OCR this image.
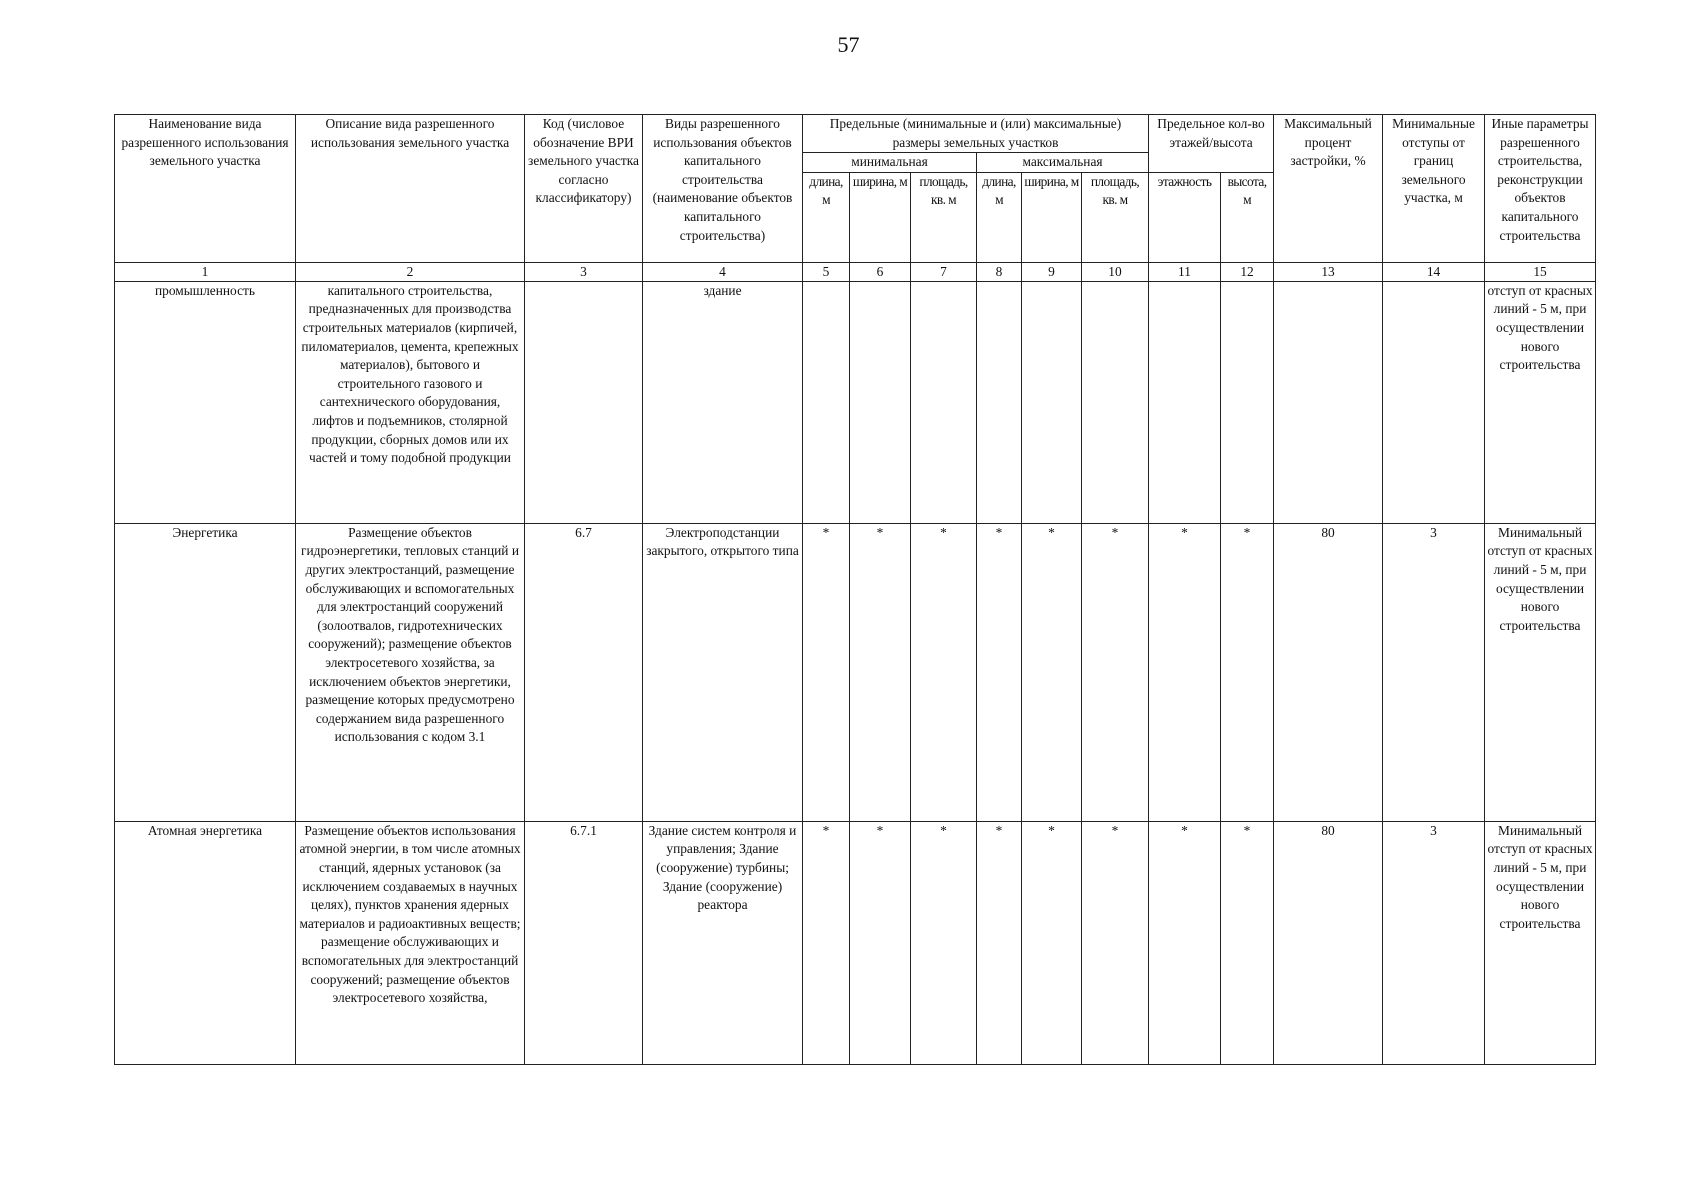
57
Наименование вида разрешенного использования земельного участка	Описание вида разрешенного использования земельного участка	Код (числовое обозначение ВРИ земельного участка согласно классификатору)	Виды разрешенного использования объектов капитального строительства (наименование объектов капитального строительства)	Предельные (минимальные и (или) максимальные) размеры земельных участков						Предельное кол-во этажей/высота		Максимальный процент застройки, %	Минимальные отступы от границ земельного участка, м	Иные параметры разрешенного строительства, реконструкции объектов капитального строительства
				минимальная			максимальная							
				длина, м	ширина, м	площадь, кв. м	длина, м	ширина, м	площадь, кв. м	этажность	высота, м			
1	2	3	4	5	6	7	8	9	10	11	12	13	14	15
промышленность	капитального строительства, предназначенных для производства строительных материалов (кирпичей, пиломатериалов, цемента, крепежных материалов), бытового и строительного газового и сантехнического оборудования, лифтов и подъемников, столярной продукции, сборных домов или их частей и тому подобной продукции		здание											отступ от красных линий - 5 м, при осуществлении нового строительства
Энергетика	Размещение объектов гидроэнергетики, тепловых станций и других электростанций, размещение обслуживающих и вспомогательных для электростанций сооружений (золоотвалов, гидротехнических сооружений); размещение объектов электросетевого хозяйства, за исключением объектов энергетики, размещение которых предусмотрено содержанием вида разрешенного использования с кодом 3.1	6.7	Электроподстанции закрытого, открытого типа	*	*	*	*	*	*	*	*	80	3	Минимальный отступ от красных линий - 5 м, при осуществлении нового строительства
Атомная энергетика	Размещение объектов использования атомной энергии, в том числе атомных станций, ядерных установок (за исключением создаваемых в научных целях), пунктов хранения ядерных материалов и радиоактивных веществ; размещение обслуживающих и вспомогательных для электростанций сооружений; размещение объектов электросетевого хозяйства,	6.7.1	Здание систем контроля и управления; Здание (сооружение) турбины; Здание (сооружение) реактора	*	*	*	*	*	*	*	*	80	3	Минимальный отступ от красных линий - 5 м, при осуществлении нового строительства
